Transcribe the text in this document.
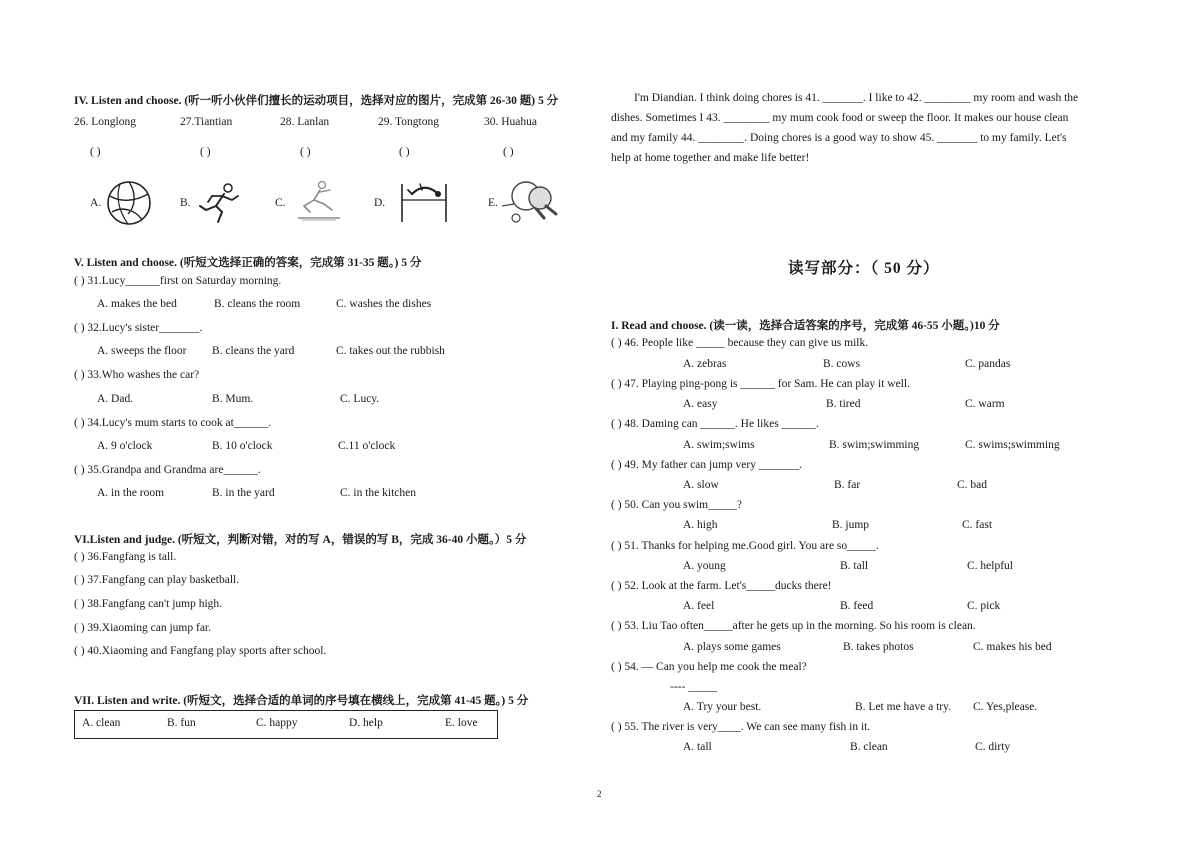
IV. Listen and choose. (听一听小伙伴们擅长的运动项目，选择对应的图片，完成第 26-30 题) 5 分
26. Longlong	27.Tiantian	28. Lanlan	29. Tongtong	30. Huahua
( )	( )	( )	( )	( )
A.	B.	C.	D.	E.
V. Listen and choose. (听短文选择正确的答案，完成第 31-35 题。) 5 分
( ) 31.Lucy______first on Saturday morning.
A. makes the bed	B. cleans the room	C. washes the dishes
( ) 32.Lucy's sister_______.
A. sweeps the floor B. cleans the yard	C. takes out the rubbish
( ) 33.Who washes the car?
A. Dad.	B. Mum.	C. Lucy.
( ) 34.Lucy's mum starts to cook at______.
A. 9 o'clock	B. 10 o'clock	C.11 o'clock
( ) 35.Grandpa and Grandma are______.
A. in the room	B. in the yard	C. in the kitchen
VI.Listen and judge. (听短文，判断对错，对的写 A，错误的写 B，完成 36-40 小题。）5 分
( ) 36.Fangfang is tall.
( ) 37.Fangfang can play basketball.
( ) 38.Fangfang can't jump high.
( ) 39.Xiaoming can jump far.
( ) 40.Xiaoming and Fangfang play sports after school.
VII. Listen and write. (听短文，选择合适的单词的序号填在横线上，完成第 41-45 题。) 5 分
A. clean	B. fun	C. happy	D. help	E. love
I'm Diandian. I think doing chores is 41. _______. I like to 42. ________ my room and wash the
dishes. Sometimes I 43. ________ my mum cook food or sweep the floor. It makes our house clean
and my family 44. ________. Doing chores is a good way to show 45. _______ to my family. Let's
help at home together and make life better!
读写部分：（ 50 分）
I. Read and choose. (读一读，选择合适答案的序号，完成第 46-55 小题。)10 分
( ) 46. People like _____ because they can give us milk.
A. zebras	B. cows	C. pandas
( ) 47. Playing ping-pong is ______ for Sam. He can play it well.
A. easy	B. tired	C. warm
( ) 48. Daming can ______. He likes ______.
A. swim;swims	B. swim;swimming	C. swims;swimming
( ) 49. My father can jump very _______.
A. slow	B. far	C. bad
( ) 50. Can you swim_____?
A. high	B. jump	C. fast
( ) 51. Thanks for helping me.Good girl. You are so_____.
A. young	B. tall	C. helpful
( ) 52. Look at the farm. Let's_____ducks there!
A. feel	B. feed	C. pick
( ) 53. Liu Tao often_____after he gets up in the morning. So his room is clean.
A. plays some games	B. takes photos	C. makes his bed
( ) 54. — Can you help me cook the meal?
---- _____
A. Try your best.	B. Let me have a try. C. Yes,please.
( ) 55. The river is very____. We can see many fish in it.
A. tall	B. clean	C. dirty
2
